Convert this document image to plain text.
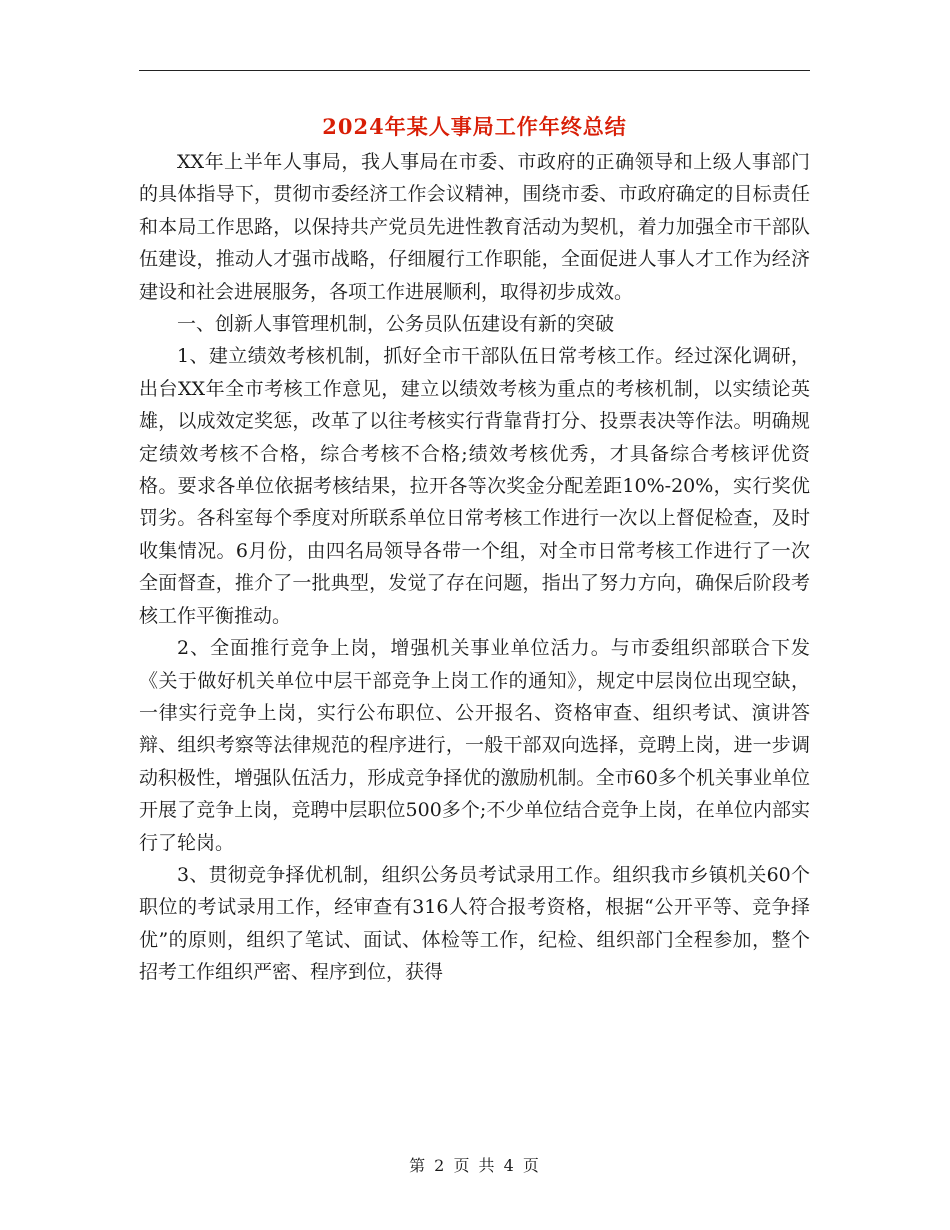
2024年某人事局工作年终总结

XX年上半年人事局，我人事局在市委、市政府的正确领导和上级人事部门的具体指导下，贯彻市委经济工作会议精神，围绕市委、市政府确定的目标责任和本局工作思路，以保持共产党员先进性教育活动为契机，着力加强全市干部队伍建设，推动人才强市战略，仔细履行工作职能，全面促进人事人才工作为经济建设和社会进展服务，各项工作进展顺利，取得初步成效。

一、创新人事管理机制，公务员队伍建设有新的突破

1、建立绩效考核机制，抓好全市干部队伍日常考核工作。经过深化调研，出台XX年全市考核工作意见，建立以绩效考核为重点的考核机制，以实绩论英雄，以成效定奖惩，改革了以往考核实行背靠背打分、投票表决等作法。明确规定绩效考核不合格，综合考核不合格;绩效考核优秀，才具备综合考核评优资格。要求各单位依据考核结果，拉开各等次奖金分配差距10%-20%，实行奖优罚劣。各科室每个季度对所联系单位日常考核工作进行一次以上督促检查，及时收集情况。6月份，由四名局领导各带一个组，对全市日常考核工作进行了一次全面督查，推介了一批典型，发觉了存在问题，指出了努力方向，确保后阶段考核工作平衡推动。

2、全面推行竞争上岗，增强机关事业单位活力。与市委组织部联合下发《关于做好机关单位中层干部竞争上岗工作的通知》，规定中层岗位出现空缺，一律实行竞争上岗，实行公布职位、公开报名、资格审查、组织考试、演讲答辩、组织考察等法律规范的程序进行，一般干部双向选择，竞聘上岗，进一步调动积极性，增强队伍活力，形成竞争择优的激励机制。全市60多个机关事业单位开展了竞争上岗，竞聘中层职位500多个;不少单位结合竞争上岗，在单位内部实行了轮岗。

3、贯彻竞争择优机制，组织公务员考试录用工作。组织我市乡镇机关60个职位的考试录用工作，经审查有316人符合报考资格，根据“公开平等、竞争择优”的原则，组织了笔试、面试、体检等工作，纪检、组织部门全程参加，整个招考工作组织严密、程序到位，获得

第 2 页 共 4 页
